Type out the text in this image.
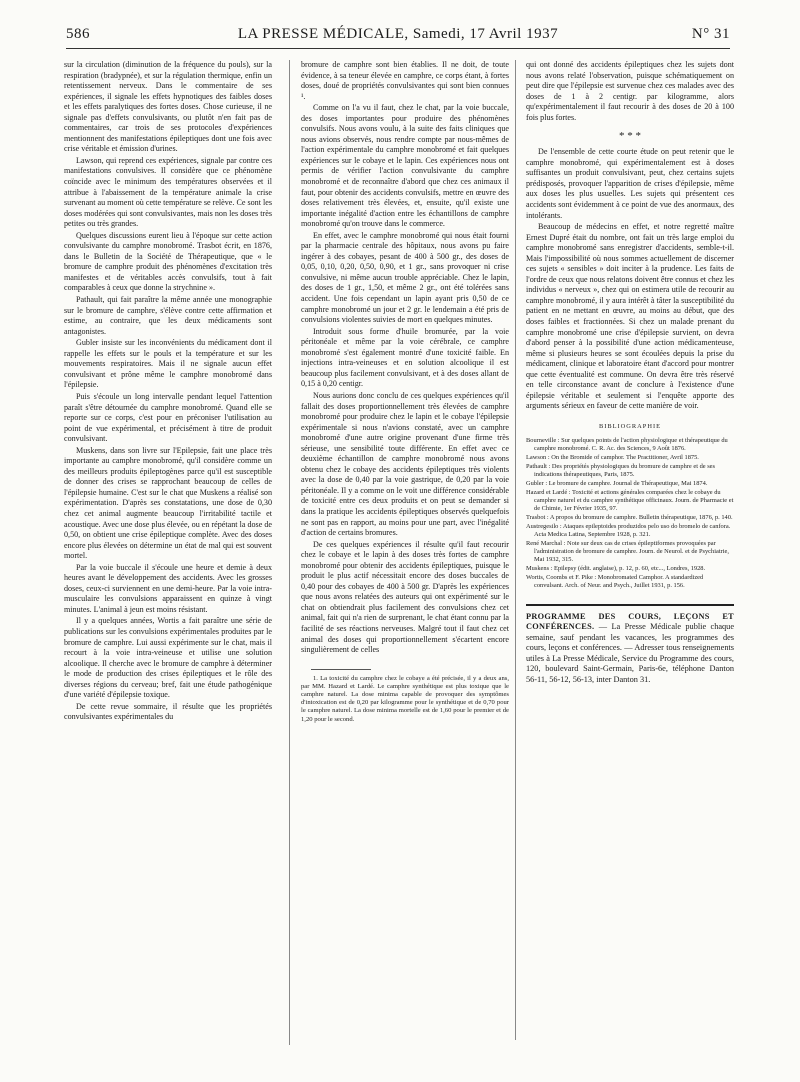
586	LA PRESSE MÉDICALE, Samedi, 17 Avril 1937	N° 31

sur la circulation (diminution de la fréquence du pouls), sur la respiration (bradypnée), et sur la régulation thermique, enfin un retentissement nerveux. Dans le commentaire de ses expériences, il signale les effets hypnotiques des faibles doses et les effets paralytiques des fortes doses. Chose curieuse, il ne signale pas d'effets convulsivants, ou plutôt n'en fait pas de commentaires, car trois de ses protocoles d'expériences mentionnent des manifestations épileptiques dont une fois avec crise véritable et émission d'urines.

Lawson, qui reprend ces expériences, signale par contre ces manifestations convulsives. Il considère que ce phénomène coïncide avec le minimum des températures observées et il attribue à l'abaissement de la température animale la crise survenant au moment où cette température se relève. Ce sont les doses modérées qui sont convulsivantes, mais non les doses très petites ou très grandes.

Quelques discussions eurent lieu à l'époque sur cette action convulsivante du camphre monobromé. Trasbot écrit, en 1876, dans le Bulletin de la Société de Thérapeutique, que « le bromure de camphre produit des phénomènes d'excitation très manifestes et de véritables accès convulsifs, tout à fait comparables à ceux que donne la strychnine ».

Pathault, qui fait paraître la même année une monographie sur le bromure de camphre, s'élève contre cette affirmation et estime, au contraire, que les deux médicaments sont antagonistes.

Gubler insiste sur les inconvénients du médicament dont il rappelle les effets sur le pouls et la température et sur les mouvements respiratoires. Mais il ne signale aucun effet convulsivant et prône même le camphre monobromé dans l'épilepsie.

Puis s'écoule un long intervalle pendant lequel l'attention paraît s'être détournée du camphre monobromé. Quand elle se reporte sur ce corps, c'est pour en préconiser l'utilisation au point de vue expérimental, et précisément à titre de produit convulsivant.

Muskens, dans son livre sur l'Epilepsie, fait une place très importante au camphre monobromé, qu'il considère comme un des meilleurs produits épileptogènes parce qu'il est susceptible de donner des crises se rapprochant beaucoup de celles de l'épilepsie humaine. C'est sur le chat que Muskens a réalisé son expérimentation. D'après ses constatations, une dose de 0,30 chez cet animal augmente beaucoup l'irritabilité tactile et acoustique. Avec une dose plus élevée, ou en répétant la dose de 0,50, on obtient une crise épileptique complète. Avec des doses encore plus élevées on détermine un état de mal qui est souvent mortel.

Par la voie buccale il s'écoule une heure et demie à deux heures avant le développement des accidents. Avec les grosses doses, ceux-ci surviennent en une demi-heure. Par la voie intra-musculaire les convulsions apparaissent en quinze à vingt minutes. L'animal à jeun est moins résistant.

Il y a quelques années, Wortis a fait paraître une série de publications sur les convulsions expérimentales produites par le bromure de camphre. Lui aussi expérimente sur le chat, mais il recourt à la voie intra-veineuse et utilise une solution alcoolique. Il cherche avec le bromure de camphre à déterminer le mode de production des crises épileptiques et le rôle des diverses régions du cerveau; bref, fait une étude pathogénique d'une variété d'épilepsie toxique.

De cette revue sommaire, il résulte que les propriétés convulsivantes expérimentales du

bromure de camphre sont bien établies. Il ne doit, de toute évidence, à sa teneur élevée en camphre, ce corps étant, à fortes doses, doué de propriétés convulsivantes qui sont bien connues ¹.

Comme on l'a vu il faut, chez le chat, par la voie buccale, des doses importantes pour produire des phénomènes convulsifs. Nous avons voulu, à la suite des faits cliniques que nous avions observés, nous rendre compte par nous-mêmes de l'action expérimentale du camphre monobromé et fait quelques expériences sur le cobaye et le lapin. Ces expériences nous ont permis de vérifier l'action convulsivante du camphre monobromé et de reconnaître d'abord que chez ces animaux il faut, pour obtenir des accidents convulsifs, mettre en œuvre des doses relativement très élevées, et, ensuite, qu'il existe une importante inégalité d'action entre les échantillons de camphre monobromé qu'on trouve dans le commerce.

En effet, avec le camphre monobromé qui nous était fourni par la pharmacie centrale des hôpitaux, nous avons pu faire ingérer à des cobayes, pesant de 400 à 500 gr., des doses de 0,05, 0,10, 0,20, 0,50, 0,90, et 1 gr., sans provoquer ni crise convulsive, ni même aucun trouble appréciable. Chez le lapin, des doses de 1 gr., 1,50, et même 2 gr., ont été tolérées sans accident. Une fois cependant un lapin ayant pris 0,50 de ce camphre monobromé un jour et 2 gr. le lendemain a été pris de convulsions violentes suivies de mort en quelques minutes.

Introduit sous forme d'huile bromurée, par la voie péritonéale et même par la voie cérébrale, ce camphre monobromé s'est également montré d'une toxicité faible. En injections intra-veineuses et en solution alcoolique il est beaucoup plus facilement convulsivant, et à des doses allant de 0,15 à 0,20 centigr.

Nous aurions donc conclu de ces quelques expériences qu'il fallait des doses proportionnellement très élevées de camphre monobromé pour produire chez le lapin et le cobaye l'épilepsie expérimentale si nous n'avions constaté, avec un camphre monobromé d'une autre origine provenant d'une firme très sérieuse, une sensibilité toute différente. En effet avec ce deuxième échantillon de camphre monobromé nous avons obtenu chez le cobaye des accidents épileptiques très violents avec la dose de 0,40 par la voie gastrique, de 0,20 par la voie péritonéale. Il y a comme on le voit une différence considérable de toxicité entre ces deux produits et on peut se demander si dans la pratique les accidents épileptiques observés quelquefois ne sont pas en rapport, au moins pour une part, avec l'inégalité d'action de certains bromures.

De ces quelques expériences il résulte qu'il faut recourir chez le cobaye et le lapin à des doses très fortes de camphre monobromé pour obtenir des accidents épileptiques, puisque le produit le plus actif nécessitait encore des doses buccales de 0,40 pour des cobayes de 400 à 500 gr. D'après les expériences que nous avons relatées des auteurs qui ont expérimenté sur le chat on obtiendrait plus facilement des convulsions chez cet animal, fait qui n'a rien de surprenant, le chat étant connu par la facilité de ses réactions nerveuses. Malgré tout il faut chez cet animal des doses qui proportionnellement s'écartent encore singulièrement de celles

1. La toxicité du camphre chez le cobaye a été précisée, il y a deux ans, par MM. Hazard et Lardé. Le camphre synthétique est plus toxique que le camphre naturel. La dose minima capable de provoquer des symptômes d'intoxication est de 0,20 par kilogramme pour le synthétique et de 0,70 pour le camphre naturel. La dose minima mortelle est de 1,60 pour le premier et de 1,20 pour le second.

qui ont donné des accidents épileptiques chez les sujets dont nous avons relaté l'observation, puisque schématiquement on peut dire que l'épilepsie est survenue chez ces malades avec des doses de 1 à 2 centigr. par kilogramme, alors qu'expérimentalement il faut recourir à des doses de 20 à 100 fois plus fortes.

* * *

De l'ensemble de cette courte étude on peut retenir que le camphre monobromé, qui expérimentalement est à doses suffisantes un produit convulsivant, peut, chez certains sujets prédisposés, provoquer l'apparition de crises d'épilepsie, même aux doses les plus usuelles. Les sujets qui présentent ces accidents sont évidemment à ce point de vue des anormaux, des intolérants.

Beaucoup de médecins en effet, et notre regretté maître Ernest Dupré était du nombre, ont fait un très large emploi du camphre monobromé sans enregistrer d'accidents, semble-t-il. Mais l'impossibilité où nous sommes actuellement de discerner ces sujets « sensibles » doit inciter à la prudence. Les faits de l'ordre de ceux que nous relatons doivent être connus et chez les individus « nerveux », chez qui on estimera utile de recourir au camphre monobromé, il y aura intérêt à tâter la susceptibilité du patient en ne mettant en œuvre, au moins au début, que des doses faibles et fractionnées. Si chez un malade prenant du camphre monobromé une crise d'épilepsie survient, on devra d'abord penser à la possibilité d'une action médicamenteuse, même si plusieurs heures se sont écoulées depuis la prise du médicament, clinique et laboratoire étant d'accord pour montrer que cette éventualité est commune. On devra être très réservé en telle circonstance avant de conclure à l'existence d'une épilepsie véritable et seulement si l'enquête apporte des arguments sérieux en faveur de cette manière de voir.

BIBLIOGRAPHIE
Bourneville : Sur quelques points de l'action physiologique et thérapeutique du camphre monobromé. C. R. Ac. des Sciences, 9 Août 1876.
Lawson : On the Bromide of camphor. The Practitioner, Avril 1875.
Pathault : Des propriétés physiologiques du bromure de camphre et de ses indications thérapeutiques, Paris, 1875.
Gubler : Le bromure de camphre. Journal de Thérapeutique, Mai 1874.
Hazard et Lardé : Toxicité et actions générales comparées chez le cobaye du camphre naturel et du camphre synthétique officinaux. Journ. de Pharmacie et de Chimie, 1er Février 1935, 97.
Trasbot : A propos du bromure de camphre. Bulletin thérapeutique, 1876, p. 140.
Austregesilo : Ataques epileptoides produzidos pelo uso do bromelo de canfora. Acta Medica Latina, Septembre 1928, p. 321.
René Marchal : Note sur deux cas de crises épileptiformes provoquées par l'administration de bromure de camphre. Journ. de Neurol. et de Psychiatrie, Mai 1932, 315.
Muskens : Epilepsy (édit. anglaise), p. 12, p. 60, etc..., Londres, 1928.
Wortis, Coombs et F. Pike : Monobromated Camphor. A standardized convulsant. Arch. of Neur. and Psych., Juillet 1931, p. 156.
PROGRAMME DES COURS, LEÇONS ET CONFÉRENCES. — La Presse Médicale publie chaque semaine, sauf pendant les vacances, les programmes des cours, leçons et conférences. — Adresser tous renseignements utiles à La Presse Médicale, Service du Programme des cours, 120, boulevard Saint-Germain, Paris-6e, téléphone Danton 56-11, 56-12, 56-13, inter Danton 31.
